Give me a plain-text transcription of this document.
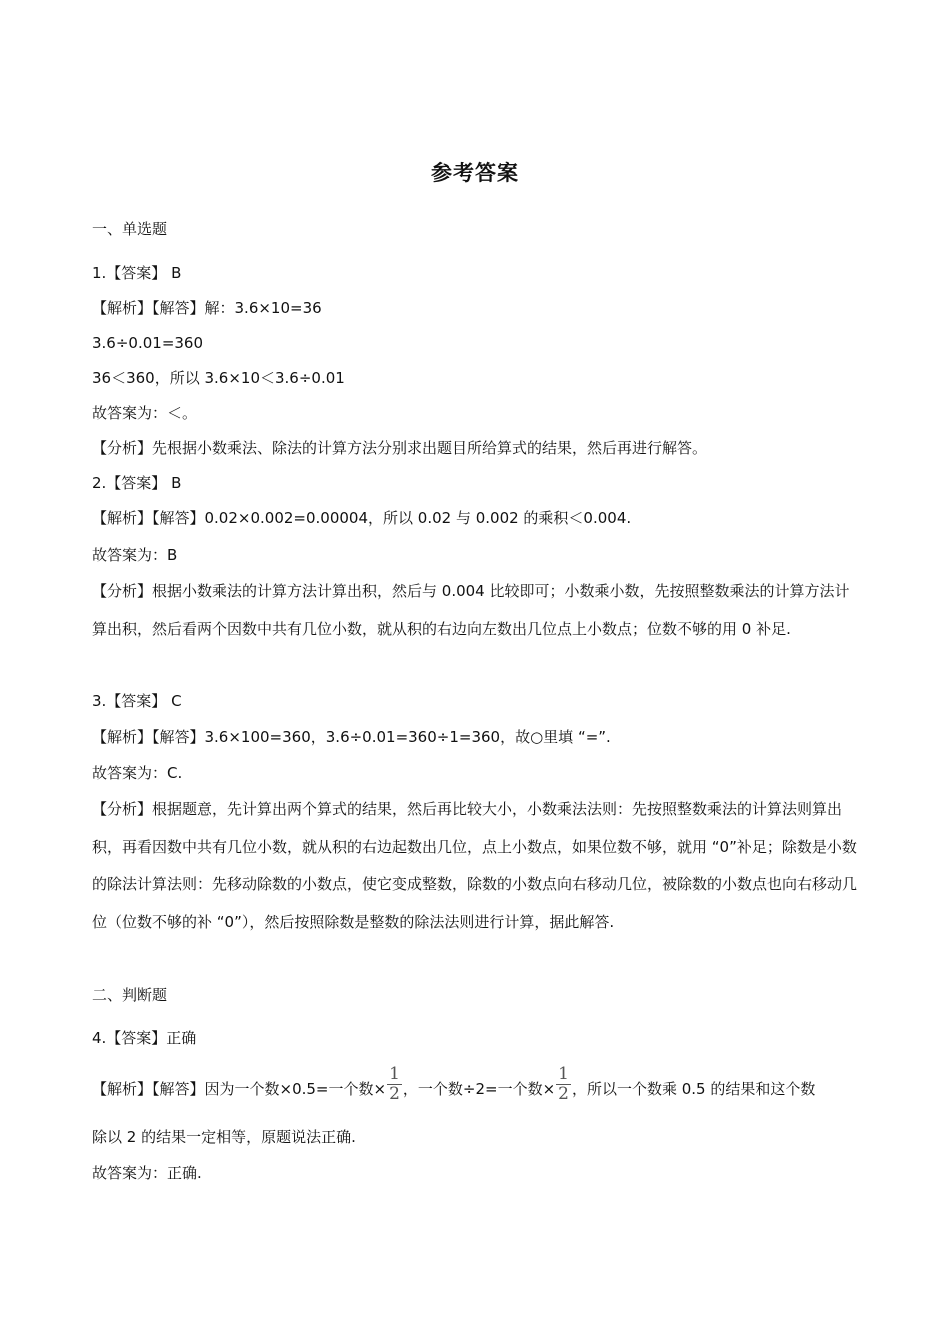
参考答案
一、单选题
1.【答案】 B
【解析】【解答】解：3.6×10=36
3.6÷0.01=360
36＜360，所以 3.6×10＜3.6÷0.01
故答案为：＜。
【分析】先根据小数乘法、除法的计算方法分别求出题目所给算式的结果，然后再进行解答。
2.【答案】 B
【解析】【解答】0.02×0.002=0.00004，所以 0.02 与 0.002 的乘积＜0.004.
故答案为：B
【分析】根据小数乘法的计算方法计算出积，然后与 0.004 比较即可；小数乘小数，先按照整数乘法的计算方法计算出积，然后看两个因数中共有几位小数，就从积的右边向左数出几位点上小数点；位数不够的用 0 补足.
3.【答案】 C
【解析】【解答】3.6×100=360，3.6÷0.01=360÷1=360，故○里填 “=”.
故答案为：C.
【分析】根据题意，先计算出两个算式的结果，然后再比较大小，小数乘法法则：先按照整数乘法的计算法则算出积，再看因数中共有几位小数，就从积的右边起数出几位，点上小数点，如果位数不够，就用 “0”补足；除数是小数的除法计算法则：先移动除数的小数点，使它变成整数，除数的小数点向右移动几位，被除数的小数点也向右移动几位（位数不够的补 “0”），然后按照除数是整数的除法法则进行计算，据此解答.
二、判断题
4.【答案】正确
【解析】【解答】因为一个数×0.5=一个数× $\frac{1}{2}$ ，一个数÷2=一个数× $\frac{1}{2}$ ，所以一个数乘 0.5 的结果和这个数
除以 2 的结果一定相等，原题说法正确.
故答案为：正确.
